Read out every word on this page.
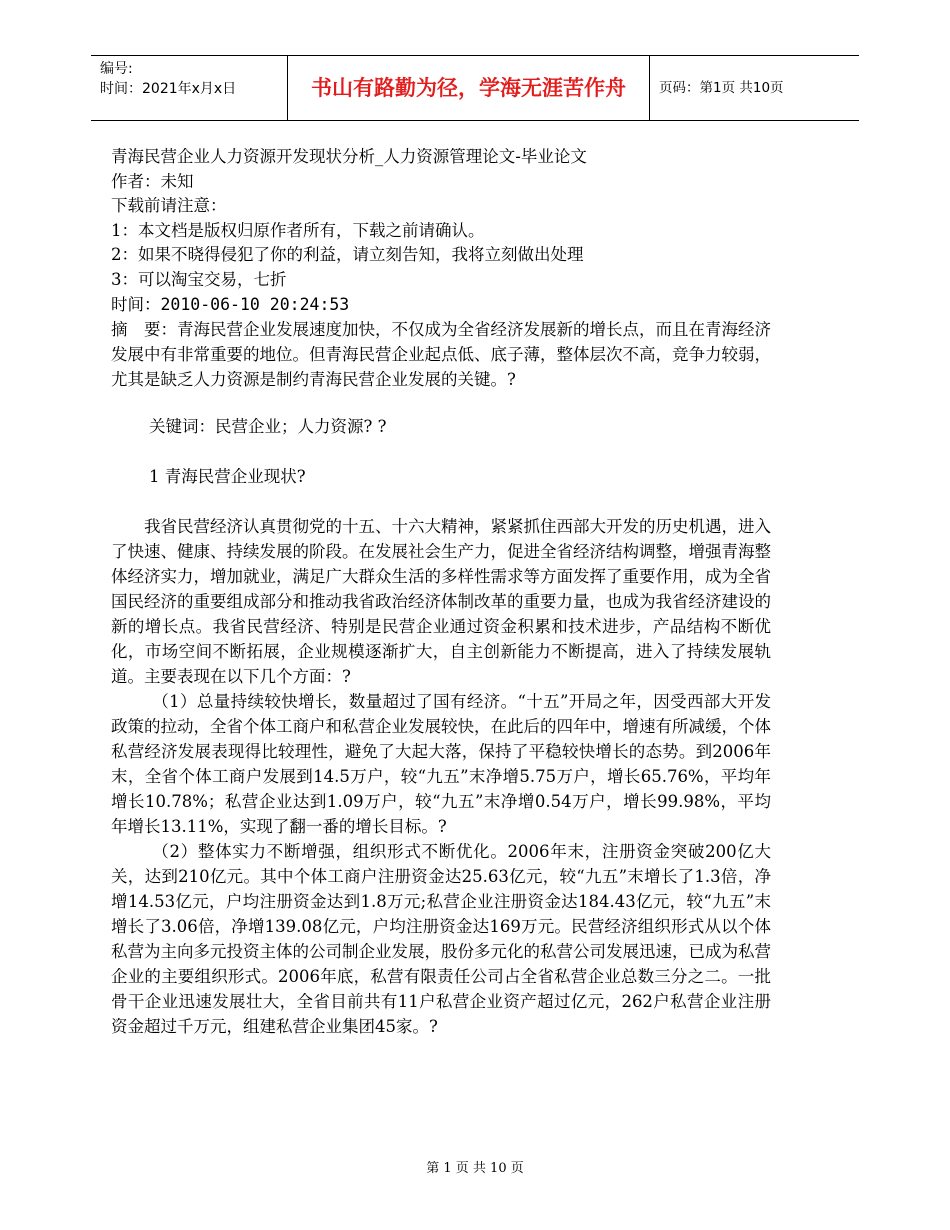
编号:
时间：2021年x月x日	书山有路勤为径，学海无涯苦作舟	页码：第1页 共10页
青海民营企业人力资源开发现状分析_人力资源管理论文-毕业论文
作者：未知
下载前请注意：
1：本文档是版权归原作者所有，下载之前请确认。
2：如果不晓得侵犯了你的利益，请立刻告知，我将立刻做出处理
3：可以淘宝交易，七折
时间：2010-06-10 20:24:53

摘　要：青海民营企业发展速度加快，不仅成为全省经济发展新的增长点，而且在青海经济发展中有非常重要的地位。但青海民营企业起点低、底子薄，整体层次不高，竞争力较弱，尤其是缺乏人力资源是制约青海民营企业发展的关键。?

关键词：民营企业；人力资源? ?
1 青海民营企业现状?

我省民营经济认真贯彻党的十五、十六大精神，紧紧抓住西部大开发的历史机遇，进入了快速、健康、持续发展的阶段。在发展社会生产力，促进全省经济结构调整，增强青海整体经济实力，增加就业，满足广大群众生活的多样性需求等方面发挥了重要作用，成为全省国民经济的重要组成部分和推动我省政治经济体制改革的重要力量，也成为我省经济建设的新的增长点。我省民营经济、特别是民营企业通过资金积累和技术进步，产品结构不断优化，市场空间不断拓展，企业规模逐渐扩大，自主创新能力不断提高，进入了持续发展轨道。主要表现在以下几个方面：?

（1）总量持续较快增长，数量超过了国有经济。“十五”开局之年，因受西部大开发政策的拉动，全省个体工商户和私营企业发展较快，在此后的四年中，增速有所减缓，个体私营经济发展表现得比较理性，避免了大起大落，保持了平稳较快增长的态势。到2006年末，全省个体工商户发展到14.5万户，较“九五”末净增5.75万户，增长65.76%，平均年增长10.78%；私营企业达到1.09万户，较“九五”末净增0.54万户，增长99.98%，平均年增长13.11%，实现了翻一番的增长目标。?

（2）整体实力不断增强，组织形式不断优化。2006年末，注册资金突破200亿大关，达到210亿元。其中个体工商户注册资金达25.63亿元，较“九五”末增长了1.3倍，净增14.53亿元，户均注册资金达到1.8万元;私营企业注册资金达184.43亿元，较“九五”末增长了3.06倍，净增139.08亿元，户均注册资金达169万元。民营经济组织形式从以个体私营为主向多元投资主体的公司制企业发展，股份多元化的私营公司发展迅速，已成为私营企业的主要组织形式。2006年底，私营有限责任公司占全省私营企业总数三分之二。一批骨干企业迅速发展壮大，全省目前共有11户私营企业资产超过亿元，262户私营企业注册资金超过千万元，组建私营企业集团45家。?

第 1 页 共 10 页
